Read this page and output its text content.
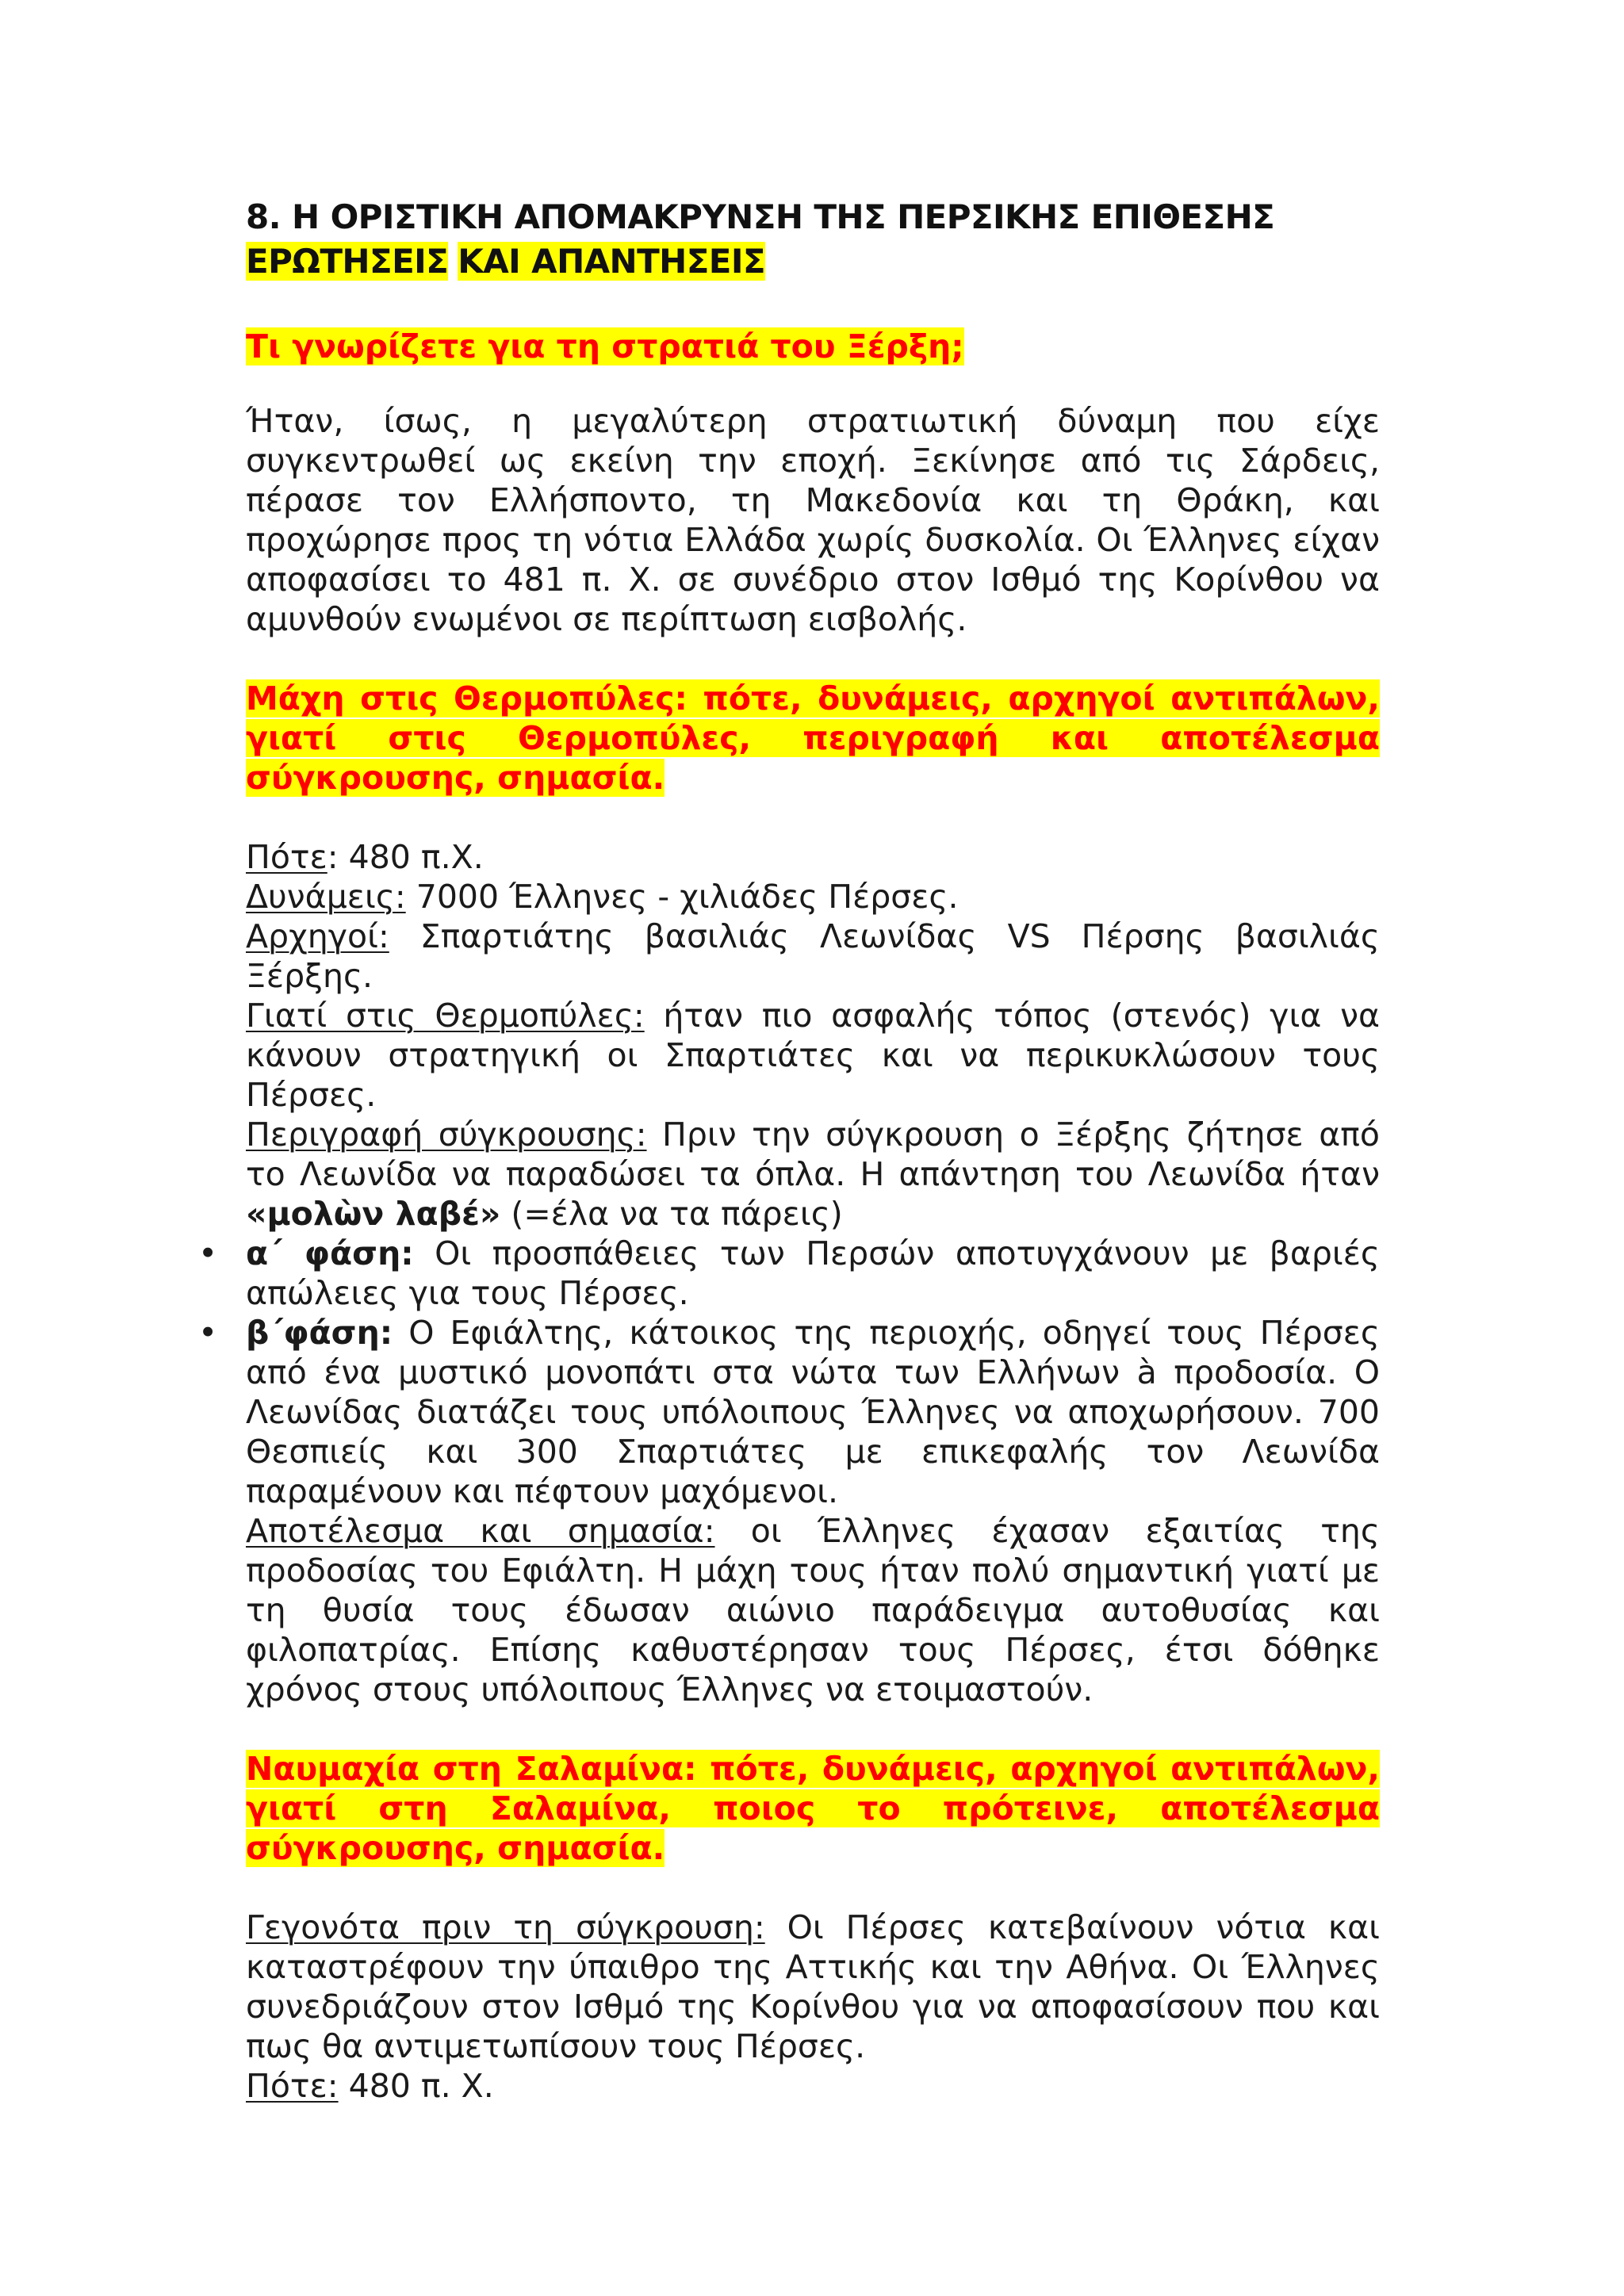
8. Η ΟΡΙΣΤΙΚΗ ΑΠΟΜΑΚΡΥΝΣΗ ΤΗΣ ΠΕΡΣΙΚΗΣ ΕΠΙΘΕΣΗΣ
ΕΡΩΤΗΣΕΙΣ ΚΑΙ ΑΠΑΝΤΗΣΕΙΣ
Τι γνωρίζετε για τη στρατιά του Ξέρξη;
Ήταν, ίσως, η μεγαλύτερη στρατιωτική δύναμη που είχε συγκεντρωθεί ως εκείνη την εποχή. Ξεκίνησε από τις Σάρδεις, πέρασε τον Ελλήσποντο, τη Μακεδονία και τη Θράκη, και προχώρησε προς τη νότια Ελλάδα χωρίς δυσκολία. Οι Έλληνες είχαν αποφασίσει το 481 π. Χ. σε συνέδριο στον Ισθμό της Κορίνθου να αμυνθούν ενωμένοι σε περίπτωση εισβολής.
Μάχη στις Θερμοπύλες: πότε, δυνάμεις, αρχηγοί αντιπάλων, γιατί στις Θερμοπύλες, περιγραφή και αποτέλεσμα σύγκρουσης, σημασία.
Πότε: 480 π.Χ.
Δυνάμεις: 7000 Έλληνες - χιλιάδες Πέρσες.
Αρχηγοί: Σπαρτιάτης βασιλιάς Λεωνίδας VS Πέρσης βασιλιάς Ξέρξης.
Γιατί στις Θερμοπύλες: ήταν πιο ασφαλής τόπος (στενός) για να κάνουν στρατηγική οι Σπαρτιάτες και να περικυκλώσουν τους Πέρσες.
Περιγραφή σύγκρουσης: Πριν την σύγκρουση ο Ξέρξης ζήτησε από το Λεωνίδα να παραδώσει τα όπλα. Η απάντηση του Λεωνίδα ήταν «μολὼν λαβέ» (=έλα να τα πάρεις)
• α΄ φάση: Οι προσπάθειες των Περσών αποτυγχάνουν με βαριές απώλειες για τους Πέρσες.
• β΄φάση: Ο Εφιάλτης, κάτοικος της περιοχής, οδηγεί τους Πέρσες από ένα μυστικό μονοπάτι στα νώτα των Ελλήνων à προδοσία. Ο Λεωνίδας διατάζει τους υπόλοιπους Έλληνες να αποχωρήσουν. 700 Θεσπιείς και 300 Σπαρτιάτες με επικεφαλής τον Λεωνίδα παραμένουν και πέφτουν μαχόμενοι.
Αποτέλεσμα και σημασία: οι Έλληνες έχασαν εξαιτίας της προδοσίας του Εφιάλτη. Η μάχη τους ήταν πολύ σημαντική γιατί με τη θυσία τους έδωσαν αιώνιο παράδειγμα αυτοθυσίας και φιλοπατρίας. Επίσης καθυστέρησαν τους Πέρσες, έτσι δόθηκε χρόνος στους υπόλοιπους Έλληνες να ετοιμαστούν.
Ναυμαχία στη Σαλαμίνα: πότε, δυνάμεις, αρχηγοί αντιπάλων, γιατί στη Σαλαμίνα, ποιος το πρότεινε, αποτέλεσμα σύγκρουσης, σημασία.
Γεγονότα πριν τη σύγκρουση: Οι Πέρσες κατεβαίνουν νότια και καταστρέφουν την ύπαιθρο της Αττικής και την Αθήνα. Οι Έλληνες συνεδριάζουν στον Ισθμό της Κορίνθου για να αποφασίσουν που και πως θα αντιμετωπίσουν τους Πέρσες.
Πότε: 480 π. Χ.
